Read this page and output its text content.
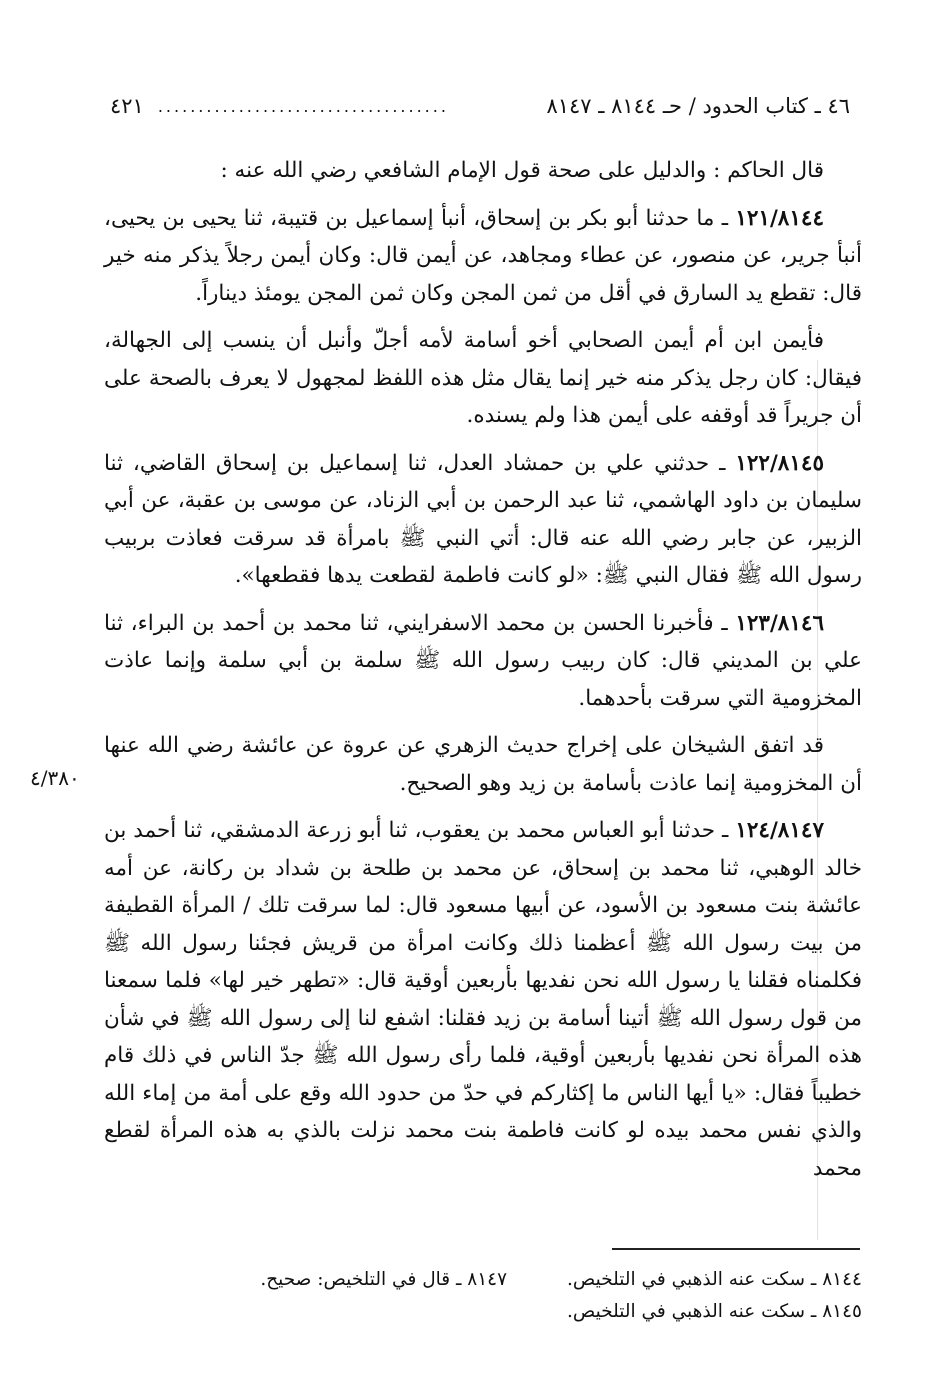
٤٦ ـ كتاب الحدود / حـ ٨١٤٤ ـ ٨١٤٧
٤٢١ ....................................
٤/٣٨٠

قال الحاكم : والدليل على صحة قول الإمام الشافعي رضي الله عنه :

١٢١/٨١٤٤ ـ ما حدثنا أبو بكر بن إسحاق، أنبأ إسماعيل بن قتيبة، ثنا يحيى بن يحيى، أنبأ جرير، عن منصور، عن عطاء ومجاهد، عن أيمن قال: وكان أيمن رجلاً يذكر منه خير قال: تقطع يد السارق في أقل من ثمن المجن وكان ثمن المجن يومئذ ديناراً.

فأيمن ابن أم أيمن الصحابي أخو أسامة لأمه أجلّ وأنبل أن ينسب إلى الجهالة، فيقال: كان رجل يذكر منه خير إنما يقال مثل هذه اللفظ لمجهول لا يعرف بالصحة على أن جريراً قد أوقفه على أيمن هذا ولم يسنده.

١٢٢/٨١٤٥ ـ حدثني علي بن حمشاد العدل، ثنا إسماعيل بن إسحاق القاضي، ثنا سليمان بن داود الهاشمي، ثنا عبد الرحمن بن أبي الزناد، عن موسى بن عقبة، عن أبي الزبير، عن جابر رضي الله عنه قال: أتي النبي ﷺ بامرأة قد سرقت فعاذت بربيب رسول الله ﷺ فقال النبي ﷺ: «لو كانت فاطمة لقطعت يدها فقطعها».

١٢٣/٨١٤٦ ـ فأخبرنا الحسن بن محمد الاسفرايني، ثنا محمد بن أحمد بن البراء، ثنا علي بن المديني قال: كان ربيب رسول الله ﷺ سلمة بن أبي سلمة وإنما عاذت المخزومية التي سرقت بأحدهما.

قد اتفق الشيخان على إخراج حديث الزهري عن عروة عن عائشة رضي الله عنها أن المخزومية إنما عاذت بأسامة بن زيد وهو الصحيح.

١٢٤/٨١٤٧ ـ حدثنا أبو العباس محمد بن يعقوب، ثنا أبو زرعة الدمشقي، ثنا أحمد بن خالد الوهبي، ثنا محمد بن إسحاق، عن محمد بن طلحة بن شداد بن ركانة، عن أمه عائشة بنت مسعود بن الأسود، عن أبيها مسعود قال: لما سرقت تلك / المرأة القطيفة من بيت رسول الله ﷺ أعظمنا ذلك وكانت امرأة من قريش فجئنا رسول الله ﷺ فكلمناه فقلنا يا رسول الله نحن نفديها بأربعين أوقية قال: «تطهر خير لها» فلما سمعنا من قول رسول الله ﷺ أتينا أسامة بن زيد فقلنا: اشفع لنا إلى رسول الله ﷺ في شأن هذه المرأة نحن نفديها بأربعين أوقية، فلما رأى رسول الله ﷺ جدّ الناس في ذلك قام خطيباً فقال: «يا أيها الناس ما إكثاركم في حدّ من حدود الله وقع على أمة من إماء الله والذي نفس محمد بيده لو كانت فاطمة بنت محمد نزلت بالذي به هذه المرأة لقطع محمد

٨١٤٤ ـ سكت عنه الذهبي في التلخيص.
٨١٤٧ ـ قال في التلخيص: صحيح.
٨١٤٥ ـ سكت عنه الذهبي في التلخيص.
